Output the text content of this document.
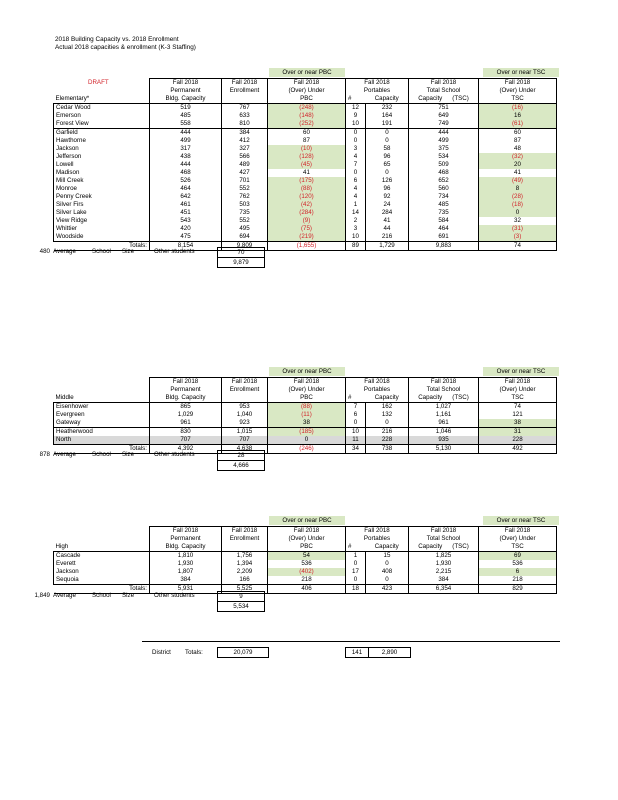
2018 Building Capacity vs. 2018 Enrollment
Actual 2018 capacities & enrollment (K-3 Staffing)
Over or near PBC	Over or near TSC
	Fall 2018	Fall 2018	Fall 2018	Fall 2018		Fall 2018	Fall 2018
	Permanent	Enrollment	(Over) Under	Portables		Total School	(Over) Under
Elementary*	Bldg. Capacity		PBC	#	Capacity	Capacity (TSC)	TSC
Cedar Wood	519	767	(248)	12	232	751	(16)
Emerson	485	633	(148)	9	164	649	16
Forest View	558	810	(252)	10	191	749	(61)
Garfield	444	384	60	0	0	444	60
Hawthorne	499	412	87	0	0	499	87
Jackson	317	327	(10)	3	58	375	48
Jefferson	438	566	(128)	4	96	534	(32)
Lowell	444	489	(45)	7	65	509	20
Madison	468	427	41	0	0	468	41
Mill Creek	526	701	(175)	6	126	652	(49)
Monroe	464	552	(88)	4	96	560	8
Penny Creek	642	762	(120)	4	92	734	(28)
Silver Firs	461	503	(42)	1	24	485	(18)
Silver Lake	451	735	(284)	14	284	735	0
View Ridge	543	552	(9)	2	41	584	32
Whittier	420	495	(75)	3	44	464	(31)
Woodside	475	694	(219)	10	216	691	(3)
Totals:	8,154	9,809	(1,655)	89	1,729	9,883	74
DRAFT
480 Average	School Size	Other students	70
9,879
Over or near PBC	Over or near TSC
	Fall 2018	Fall 2018	Fall 2018	Fall 2018		Fall 2018	Fall 2018
	Permanent	Enrollment	(Over) Under	Portables		Total School	(Over) Under
Middle	Bldg. Capacity		PBC	#	Capacity	Capacity (TSC)	TSC
Eisenhower	865	953	(88)	7	162	1,027	74
Evergreen	1,029	1,040	(11)	6	132	1,161	121
Gateway	961	923	38	0	0	961	38
Heatherwood	830	1,015	(185)	10	216	1,046	31
North	707	707	0	11	228	935	228
Totals:	4,392	4,638	(246)	34	738	5,130	492
878 Average	School Size	Other students	28
4,666
Over or near PBC	Over or near TSC
	Fall 2018	Fall 2018	Fall 2018	Fall 2018		Fall 2018	Fall 2018
	Permanent	Enrollment	(Over) Under	Portables		Total School	(Over) Under
High	Bldg. Capacity		PBC	#	Capacity	Capacity (TSC)	TSC
Cascade	1,810	1,756	54	1	15	1,825	69
Everett	1,930	1,394	536	0	0	1,930	536
Jackson	1,807	2,209	(402)	17	408	2,215	6
Sequoia	384	166	218	0	0	384	218
Totals:	5,931	5,525	406	18	423	6,354	829
1,849 Average	School Size	Other students	9
5,534
District Totals:	20,079	141	2,890
